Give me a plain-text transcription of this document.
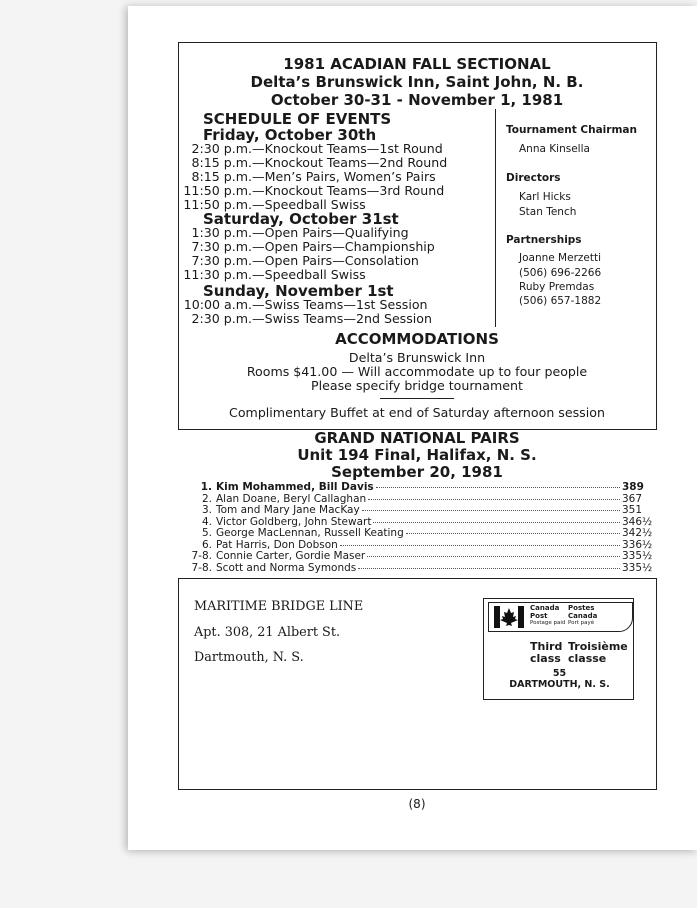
1981 ACADIAN FALL SECTIONAL
Delta’s Brunswick Inn, Saint John, N. B.
October 30-31 - November 1, 1981
SCHEDULE OF EVENTS
Friday, October 30th
2:30 p.m.—Knockout Teams—1st Round
8:15 p.m.—Knockout Teams—2nd Round
8:15 p.m.—Men’s Pairs, Women’s Pairs
11:50 p.m.—Knockout Teams—3rd Round
11:50 p.m.—Speedball Swiss
Saturday, October 31st
1:30 p.m.—Open Pairs—Qualifying
7:30 p.m.—Open Pairs—Championship
7:30 p.m.—Open Pairs—Consolation
11:30 p.m.—Speedball Swiss
Sunday, November 1st
10:00 a.m.—Swiss Teams—1st Session
2:30 p.m.—Swiss Teams—2nd Session
Tournament Chairman
Anna Kinsella
Directors
Karl Hicks
Stan Tench
Partnerships
Joanne Merzetti
(506) 696-2266
Ruby Premdas
(506) 657-1882
ACCOMMODATIONS
Delta’s Brunswick Inn
Rooms $41.00 — Will accommodate up to four people
Please specify bridge tournament
Complimentary Buffet at end of Saturday afternoon session
GRAND NATIONAL PAIRS
Unit 194 Final, Halifax, N. S.
September 20, 1981
1. Kim Mohammed, Bill Davis	389
2. Alan Doane, Beryl Callaghan	367
3. Tom and Mary Jane MacKay	351
4. Victor Goldberg, John Stewart	346½
5. George MacLennan, Russell Keating	342½
6. Pat Harris, Don Dobson	336½
7-8. Connie Carter, Gordie Maser	335½
7-8. Scott and Norma Symonds	335½
MARITIME BRIDGE LINE
Apt. 308, 21 Albert St.
Dartmouth, N. S.
Canada Postes
Post	Canada
Postage paid Port payé
Third Troisième
class classe
55
DARTMOUTH, N. S.
(8)
